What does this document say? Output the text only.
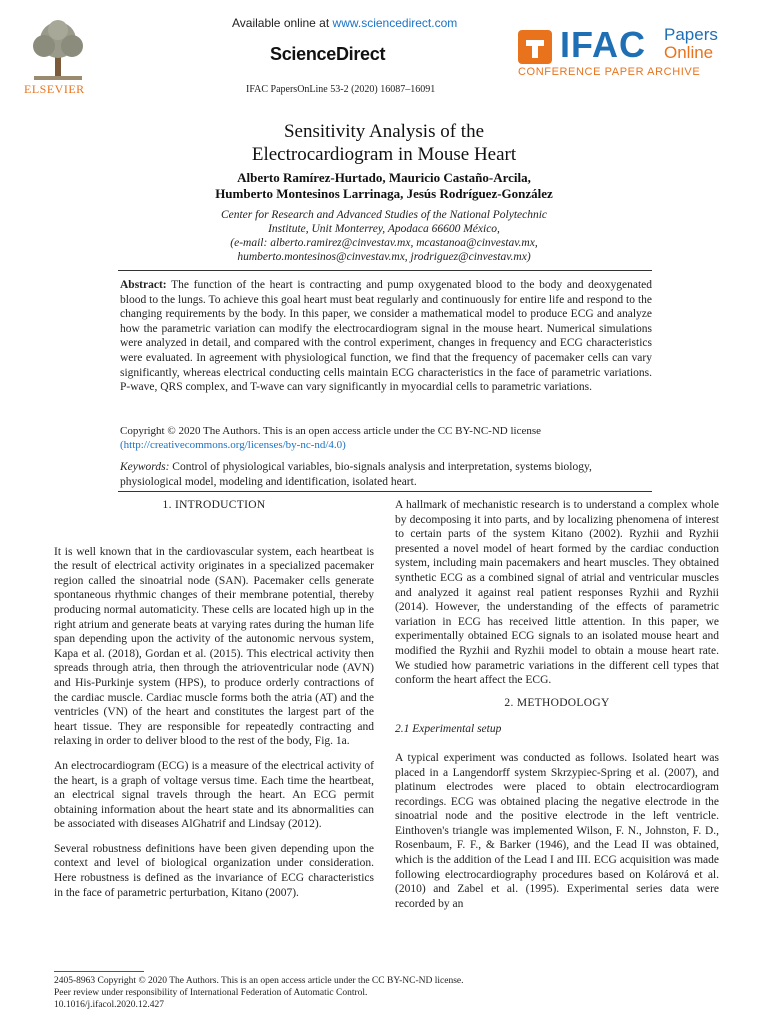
ELSEVIER
Available online at www.sciencedirect.com
ScienceDirect
IFAC PapersOnLine 53-2 (2020) 16087–16091
IFAC Papers
Online
CONFERENCE PAPER ARCHIVE
Sensitivity Analysis of the
Electrocardiogram in Mouse Heart
Alberto Ramírez-Hurtado, Mauricio Castaño-Arcila,
Humberto Montesinos Larrinaga, Jesús Rodríguez-González
Center for Research and Advanced Studies of the National Polytechnic
Institute, Unit Monterrey, Apodaca 66600 México,
(e-mail: alberto.ramirez@cinvestav.mx, mcastanoa@cinvestav.mx,
humberto.montesinos@cinvestav.mx, jrodriguez@cinvestav.mx)
Abstract: The function of the heart is contracting and pump oxygenated blood to the body and deoxygenated blood to the lungs. To achieve this goal heart must beat regularly and continuously for entire life and respond to the changing requirements by the body. In this paper, we consider a mathematical model to produce ECG and analyze how the parametric variation can modify the electrocardiogram signal in the mouse heart. Numerical simulations were analyzed in detail, and compared with the control experiment, changes in frequency and ECG characteristics were evaluated. In agreement with physiological function, we find that the frequency of pacemaker cells can vary significantly, whereas electrical conducting cells maintain ECG characteristics in the face of parametric variations. P-wave, QRS complex, and T-wave can vary significantly in myocardial cells to parametric variations.
Copyright © 2020 The Authors. This is an open access article under the CC BY-NC-ND license
(http://creativecommons.org/licenses/by-nc-nd/4.0)
Keywords: Control of physiological variables, bio-signals analysis and interpretation, systems biology, physiological model, modeling and identification, isolated heart.
1. INTRODUCTION

It is well known that in the cardiovascular system, each heartbeat is the result of electrical activity originates in a specialized pacemaker region called the sinoatrial node (SAN). Pacemaker cells generate spontaneous rhythmic changes of their membrane potential, thereby producing normal automaticity. These cells are located high up in the right atrium and generate beats at varying rates during the human life span depending upon the activity of the autonomic nervous system, Kapa et al. (2018), Gordan et al. (2015). This electrical activity then spreads through atria, then through the atrioventricular node (AVN) and His-Purkinje system (HPS), to produce orderly contractions of the cardiac muscle. Cardiac muscle forms both the atria (AT) and the ventricles (VN) of the heart and constitutes the largest part of the heart tissue. They are responsible for repeatedly contracting and relaxing in order to deliver blood to the rest of the body, Fig. 1a.

An electrocardiogram (ECG) is a measure of the electrical activity of the heart, is a graph of voltage versus time. Each time the heartbeat, an electrical signal travels through the heart. An ECG permit obtaining information about the heart state and its abnormalities can be associated with diseases AlGhatrif and Lindsay (2012).

Several robustness definitions have been given depending upon the context and level of biological organization under consideration. Here robustness is defined as the invariance of ECG characteristics in the face of parametric perturbation, Kitano (2007).

A hallmark of mechanistic research is to understand a complex whole by decomposing it into parts, and by localizing phenomena of interest to certain parts of the system Kitano (2002). Ryzhii and Ryzhii presented a novel model of heart formed by the cardiac conduction system, including main pacemakers and heart muscles. They obtained synthetic ECG as a combined signal of atrial and ventricular muscles and analyzed it against real patient responses Ryzhii and Ryzhii (2014). However, the understanding of the effects of parametric variation in ECG has received little attention. In this paper, we experimentally obtained ECG signals to an isolated mouse heart and modified the Ryzhii and Ryzhii model to obtain a mouse heart rate. We studied how parametric variations in the different cell types that conform the heart affect the ECG.

2. METHODOLOGY
2.1 Experimental setup

A typical experiment was conducted as follows. Isolated heart was placed in a Langendorff system Skrzypiec-Spring et al. (2007), and platinum electrodes were placed to obtain electrocardiogram recordings. ECG was obtained placing the negative electrode in the sinoatrial node and the positive electrode in the left ventricle. Einthoven's triangle was implemented Wilson, F. N., Johnston, F. D., Rosenbaum, F. F., & Barker (1946), and the Lead II was obtained, which is the addition of the Lead I and III. ECG acquisition was made following electrocardiography procedures based on Kolárová et al. (2010) and Zabel et al. (1995). Experimental series data were recorded by an

2405-8963 Copyright © 2020 The Authors. This is an open access article under the CC BY-NC-ND license.
Peer review under responsibility of International Federation of Automatic Control.
10.1016/j.ifacol.2020.12.427
